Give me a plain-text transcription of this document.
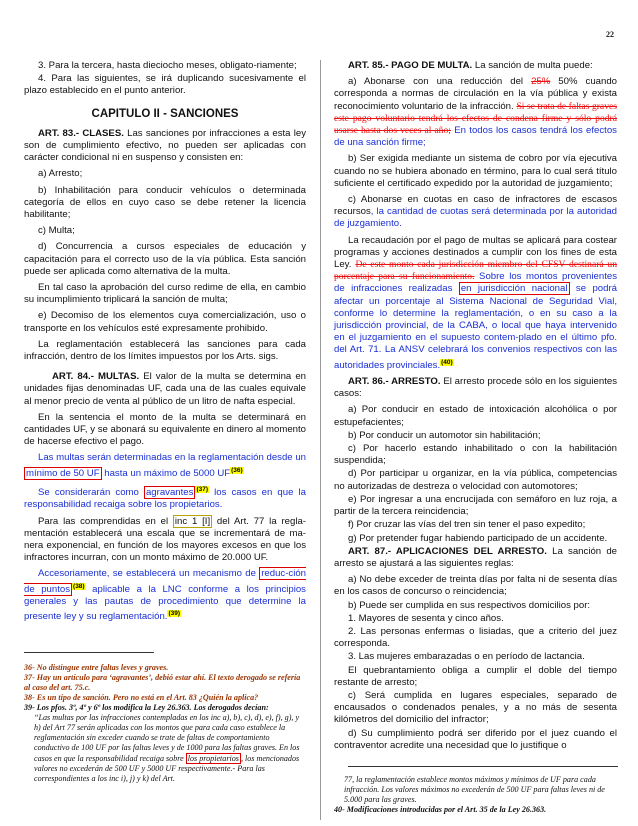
22

3. Para la tercera, hasta dieciocho meses, obligato-riamente;

4. Para las siguientes, se irá duplicando sucesivamente el plazo establecido en el punto anterior.

CAPITULO II - SANCIONES

ART. 83.- CLASES. Las sanciones por infracciones a esta ley son de cumplimiento efectivo, no pueden ser aplicadas con carácter condicional ni en suspenso y consisten en:

a) Arresto;

b) Inhabilitación para conducir vehículos o determinada categoría de ellos en cuyo caso se debe retener la licencia habilitante;

c) Multa;

d) Concurrencia a cursos especiales de educación y capacitación para el correcto uso de la vía pública. Esta sanción puede ser aplicada como alternativa de la multa.

En tal caso la aprobación del curso redime de ella, en cambio su incumplimiento triplicará la sanción de multa;

e) Decomiso de los elementos cuya comercialización, uso o transporte en los vehículos esté expresamente prohibido.

La reglamentación establecerá las sanciones para cada infracción, dentro de los límites impuestos por los Arts. sigs.

ART. 84.- MULTAS. El valor de la multa se determina en unidades fijas denominadas UF, cada una de las cuales equivale al menor precio de venta al público de un litro de nafta especial.

En la sentencia el monto de la multa se determinará en cantidades UF, y se abonará su equivalente en dinero al momento de hacerse efectivo el pago.

Las multas serán determinadas en la reglamentación desde un mínimo de 50 UF hasta un máximo de 5000 UF$^{(36)}$

Se considerarán como agravantes $^{(37)}$ los casos en que la responsabilidad recaiga sobre los propietarios.

Para las comprendidas en el inc 1 [I] del Art. 77 la regla-mentación establecerá una escala que se incrementará de ma-nera exponencial, en función de los mayores excesos en que los infractores incurran, con un monto máximo de 20.000 UF.

Accesoriamente, se establecerá un mecanismo de reduc-ción de puntos $^{(38)}$ aplicable a la LNC conforme a los principios generales y las pautas de procedimiento que determine la presente ley y su reglamentación.$^{(39)}$

36- No distingue entre faltas leves y graves.

37- Hay un artículo para ‘agravantes’, debió estar ahí. El texto derogado se refería al caso del art. 75.c.

38- Es un tipo de sanción. Pero no está en el Art. 83 ¿Quién la aplica?

39- Los pfos. 3º, 4º y 6º los modifica la Ley 26.363. Los derogados decían:

“Las multas por las infracciones contempladas en los inc a), b), c), d), e), f), g), y h) del Art 77 serán aplicadas con los montos que para cada caso establece la reglamentación sin exceder cuando se trate de faltas de comportamiento conductivo de 100 UF por las faltas leves y de 1000 para las faltas graves. En los casos en que la responsabilidad recaiga sobre los propietarios , los mencionados valores no excederán de 500 UF y 5000 UF respectivamente.- Para las correspondientes a los inc i), j) y k) del Art.

ART. 85.- PAGO DE MULTA. La sanción de multa puede:

a) Abonarse con una reducción del 25% 50% cuando corresponda a normas de circulación en la vía pública y exista reconocimiento voluntario de la infracción. Si se trata de faltas graves este pago voluntario tendrá los efectos de condena firme y sólo podrá usarse hasta dos veces al año; En todos los casos tendrá los efectos de una sanción firme;

b) Ser exigida mediante un sistema de cobro por vía ejecutiva cuando no se hubiera abonado en término, para lo cual será título suficiente el certificado expedido por la autoridad de juzgamiento;

c) Abonarse en cuotas en caso de infractores de escasos recursos, la cantidad de cuotas será determinada por la autoridad de juzgamiento.

La recaudación por el pago de multas se aplicará para costear programas y acciones destinados a cumplir con los fines de esta Ley. De este monto cada jurisdicción miembro del CFSV destinará un porcentaje para su funcionamiento. Sobre los montos provenientes de infracciones realizadas en jurisdicción nacional se podrá afectar un porcentaje al Sistema Nacional de Seguridad Vial, conforme lo determine la reglamentación, o en su caso a la jurisdicción provincial, de la CABA, o local que haya intervenido en el juzgamiento en el supuesto contem-plado en el último pfo. del Art. 71. La ANSV celebrará los convenios respectivos con las autoridades provinciales.$^{(40)}$

ART. 86.- ARRESTO. El arresto procede sólo en los siguientes casos:

a) Por conducir en estado de intoxicación alcohólica o por estupefacientes;

b) Por conducir un automotor sin habilitación;

c) Por hacerlo estando inhabilitado o con la habilitación suspendida;

d) Por participar u organizar, en la vía pública, competencias no autorizadas de destreza o velocidad con automotores;

e) Por ingresar a una encrucijada con semáforo en luz roja, a partir de la tercera reincidencia;

f) Por cruzar las vías del tren sin tener el paso expedito;

g) Por pretender fugar habiendo participado de un accidente.

ART. 87.- APLICACIONES DEL ARRESTO. La sanción de arresto se ajustará a las siguientes reglas:

a) No debe exceder de treinta días por falta ni de sesenta días en los casos de concurso o reincidencia;

b) Puede ser cumplida en sus respectivos domicilios por:

1. Mayores de sesenta y cinco años.

2. Las personas enfermas o lisiadas, que a criterio del juez corresponda.

3. Las mujeres embarazadas o en período de lactancia.

El quebrantamiento obliga a cumplir el doble del tiempo restante de arresto;

c) Será cumplida en lugares especiales, separado de encausados o condenados penales, y a no más de sesenta kilómetros del domicilio del infractor;

d) Su cumplimiento podrá ser diferido por el juez cuando el contraventor acredite una necesidad que lo justifique o

77, la reglamentación establece montos máximos y mínimos de UF para cada infracción. Los valores máximos no excederán de 500 UF para faltas leves ni de 5.000 para las graves.

40- Modificaciones introducidas por el Art. 35 de la Ley 26.363.
